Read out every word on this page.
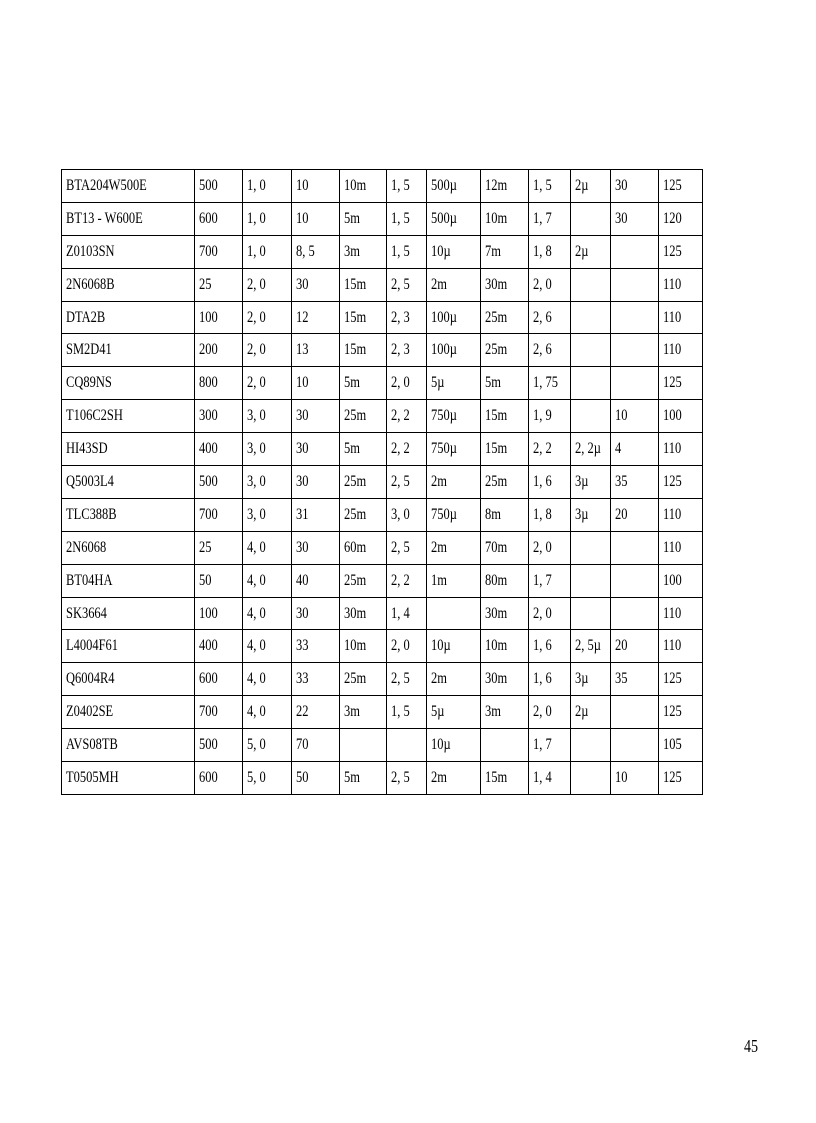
BTA204W500E	500	1, 0	10	10m	1, 5	500µ	12m	1, 5	2µ	30	125
BT13 - W600E	600	1, 0	10	5m	1, 5	500µ	10m	1, 7		30	120
Z0103SN	700	1, 0	8, 5	3m	1, 5	10µ	7m	1, 8	2µ		125
2N6068B	25	2, 0	30	15m	2, 5	2m	30m	2, 0			110
DTA2B	100	2, 0	12	15m	2, 3	100µ	25m	2, 6			110
SM2D41	200	2, 0	13	15m	2, 3	100µ	25m	2, 6			110
CQ89NS	800	2, 0	10	5m	2, 0	5µ	5m	1, 75			125
T106C2SH	300	3, 0	30	25m	2, 2	750µ	15m	1, 9		10	100
HI43SD	400	3, 0	30	5m	2, 2	750µ	15m	2, 2	2, 2µ	4	110
Q5003L4	500	3, 0	30	25m	2, 5	2m	25m	1, 6	3µ	35	125
TLC388B	700	3, 0	31	25m	3, 0	750µ	8m	1, 8	3µ	20	110
2N6068	25	4, 0	30	60m	2, 5	2m	70m	2, 0			110
BT04HA	50	4, 0	40	25m	2, 2	1m	80m	1, 7			100
SK3664	100	4, 0	30	30m	1, 4		30m	2, 0			110
L4004F61	400	4, 0	33	10m	2, 0	10µ	10m	1, 6	2, 5µ	20	110
Q6004R4	600	4, 0	33	25m	2, 5	2m	30m	1, 6	3µ	35	125
Z0402SE	700	4, 0	22	3m	1, 5	5µ	3m	2, 0	2µ		125
AVS08TB	500	5, 0	70			10µ		1, 7			105
T0505MH	600	5, 0	50	5m	2, 5	2m	15m	1, 4		10	125
45
